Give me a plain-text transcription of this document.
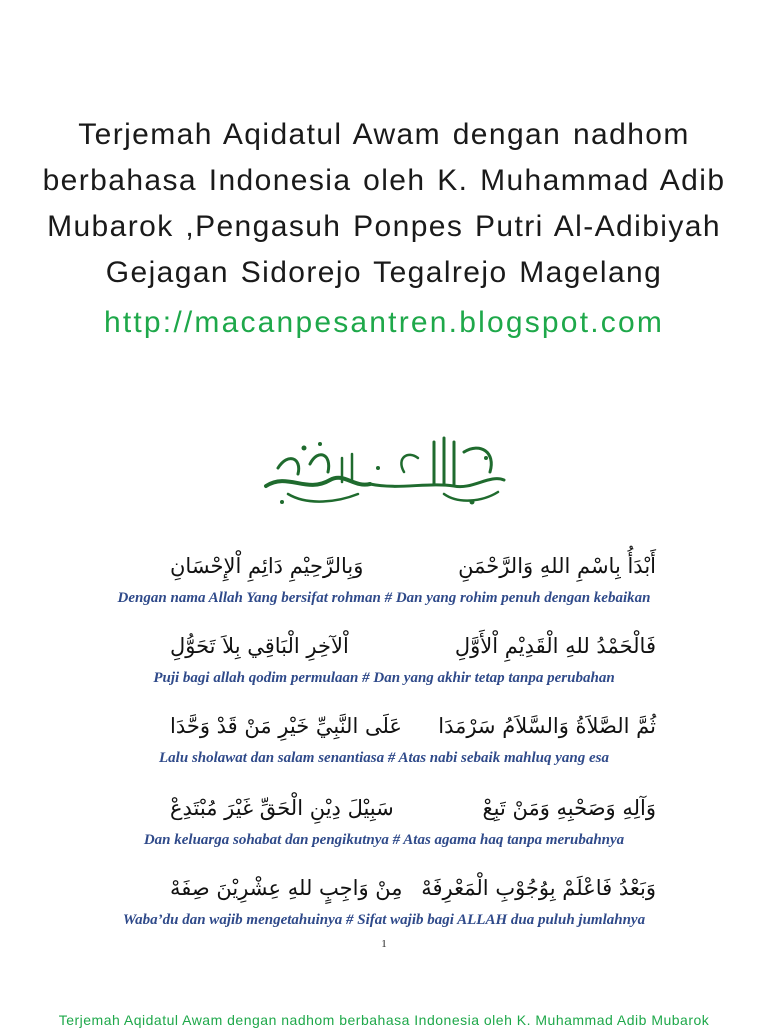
Terjemah Aqidatul Awam dengan nadhom
berbahasa Indonesia oleh K. Muhammad Adib
Mubarok ,Pengasuh Ponpes Putri Al-Adibiyah
Gejagan Sidorejo Tegalrejo Magelang
http://macanpesantren.blogspot.com
أَبْدَأُ بِاسْمِ اللهِ وَالرَّحْمَنِ
وَبِالرَّحِيْمِ دَائِمِ اْلإِحْسَانِ
Dengan nama Allah Yang bersifat rohman # Dan yang rohim penuh dengan kebaikan
فَالْحَمْدُ للهِ الْقَدِيْمِ اْلأَوَّلِ
اْلآخِرِ الْبَاقِي بِلاَ تَحَوُّلِ
Puji bagi allah qodim permulaan # Dan yang akhir tetap tanpa perubahan
ثُمَّ الصَّلاَةُ وَالسَّلاَمُ سَرْمَدَا
عَلَى النَّبِيِّ خَيْرِ مَنْ قَدْ وَحَّدَا
Lalu sholawat dan salam senantiasa # Atas nabi sebaik mahluq yang esa
وَآلِهِ وَصَحْبِهِ وَمَنْ تَبِعْ
سَبِيْلَ دِيْنِ الْحَقِّ غَيْرَ مُبْتَدِعْ
Dan keluarga sohabat dan pengikutnya # Atas agama haq tanpa merubahnya
وَبَعْدُ فَاعْلَمْ بِوُجُوْبِ الْمَعْرِفَهْ
مِنْ وَاجِبٍ للهِ عِشْرِيْنَ صِفَهْ
Waba’du dan wajib mengetahuinya # Sifat wajib bagi ALLAH dua puluh jumlahnya
1
Terjemah Aqidatul Awam dengan nadhom berbahasa Indonesia oleh K. Muhammad Adib Mubarok
